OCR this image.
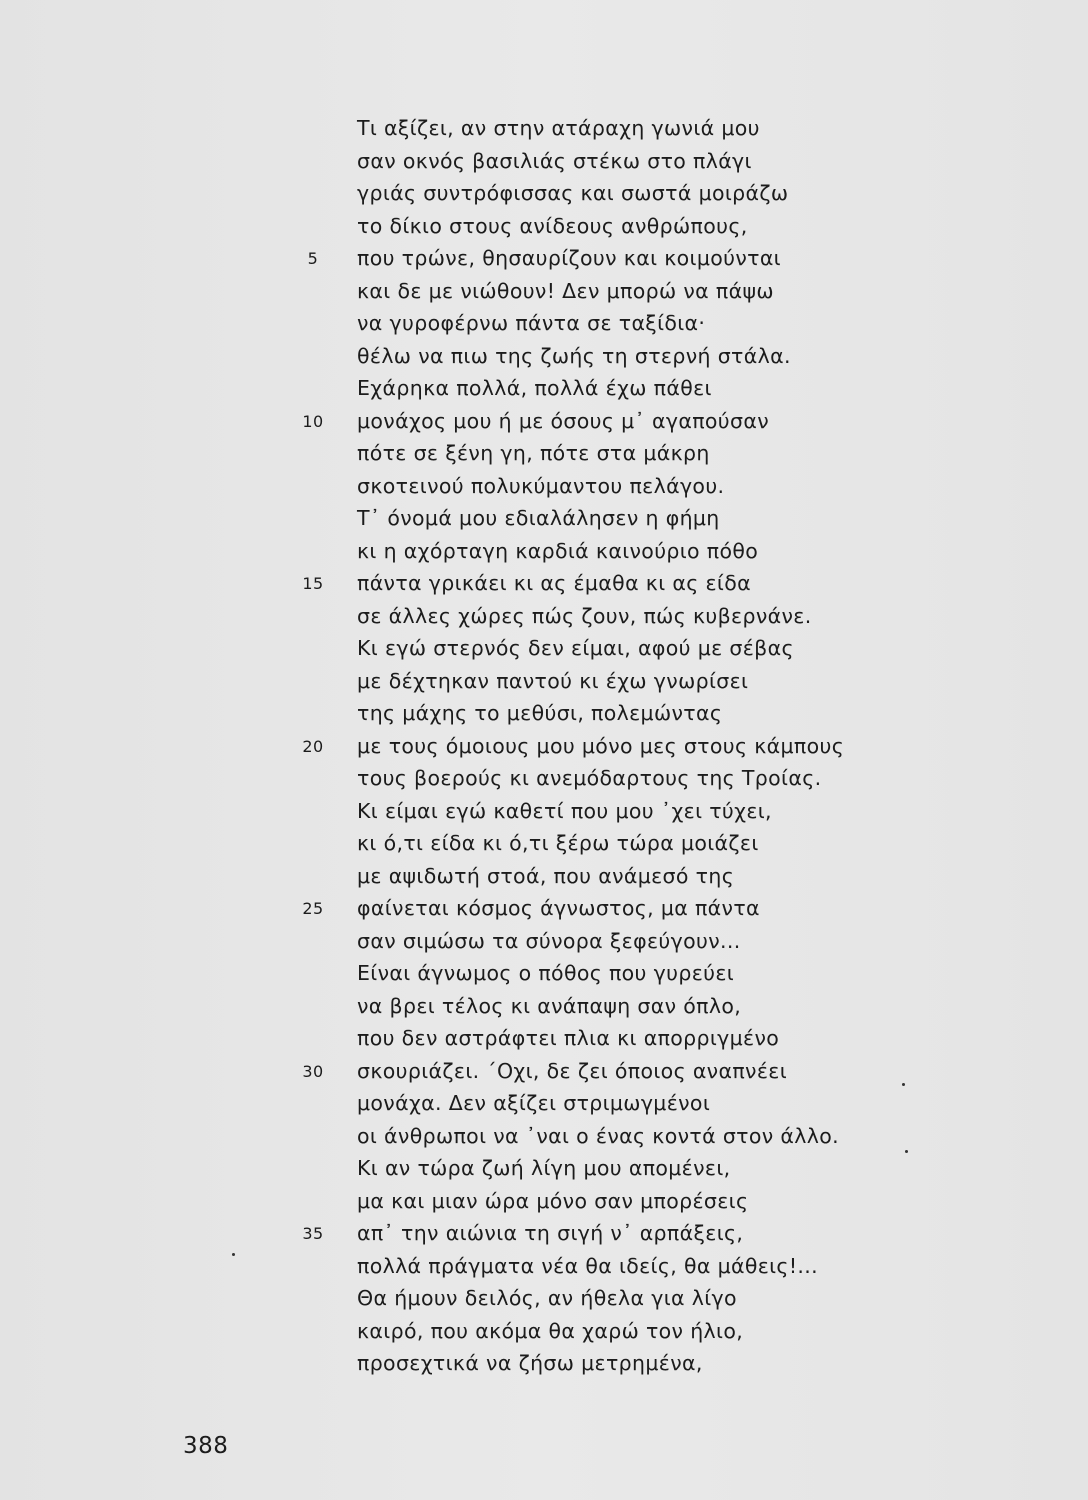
Τι αξίζει, αν στην ατάραχη γωνιά μου
σαν οκνός βασιλιάς στέκω στο πλάγι
γριάς συντρόφισσας και σωστά μοιράζω
το δίκιο στους ανίδεους ανθρώπους,
5	που τρώνε, θησαυρίζουν και κοιμούνται
και δε με νιώθουν! Δεν μπορώ να πάψω
να γυροφέρνω πάντα σε ταξίδια·
θέλω να πιω της ζωής τη στερνή στάλα.
Εχάρηκα πολλά, πολλά έχω πάθει
10	μονάχος μου ή με όσους μ᾿ αγαπούσαν
πότε σε ξένη γη, πότε στα μάκρη
σκοτεινού πολυκύμαντου πελάγου.
Τ᾿ όνομά μου εδιαλάλησεν η φήμη
κι η αχόρταγη καρδιά καινούριο πόθο
15	πάντα γρικάει κι ας έμαθα κι ας είδα
σε άλλες χώρες πώς ζουν, πώς κυβερνάνε.
Κι εγώ στερνός δεν είμαι, αφού με σέβας
με δέχτηκαν παντού κι έχω γνωρίσει
της μάχης το μεθύσι, πολεμώντας
20	με τους όμοιους μου μόνο μες στους κάμπους
τους βοερούς κι ανεμόδαρτους της Τροίας.
Κι είμαι εγώ καθετί που μου ᾿χει τύχει,
κι ό,τι είδα κι ό,τι ξέρω τώρα μοιάζει
με αψιδωτή στοά, που ανάμεσό της
25	φαίνεται κόσμος άγνωστος, μα πάντα
σαν σιμώσω τα σύνορα ξεφεύγουν...
Είναι άγνωμος ο πόθος που γυρεύει
να βρει τέλος κι ανάπαψη σαν όπλο,
που δεν αστράφτει πλια κι απορριγμένο
30	σκουριάζει. ΄Οχι, δε ζει όποιος αναπνέει
μονάχα. Δεν αξίζει στριμωγμένοι
οι άνθρωποι να ᾿ναι ο ένας κοντά στον άλλο.
Κι αν τώρα ζωή λίγη μου απομένει,
μα και μιαν ώρα μόνο σαν μπορέσεις
35	απ᾿ την αιώνια τη σιγή ν᾿ αρπάξεις,
πολλά πράγματα νέα θα ιδείς, θα μάθεις!...
Θα ήμουν δειλός, αν ήθελα για λίγο
καιρό, που ακόμα θα χαρώ τον ήλιο,
προσεχτικά να ζήσω μετρημένα,
388
